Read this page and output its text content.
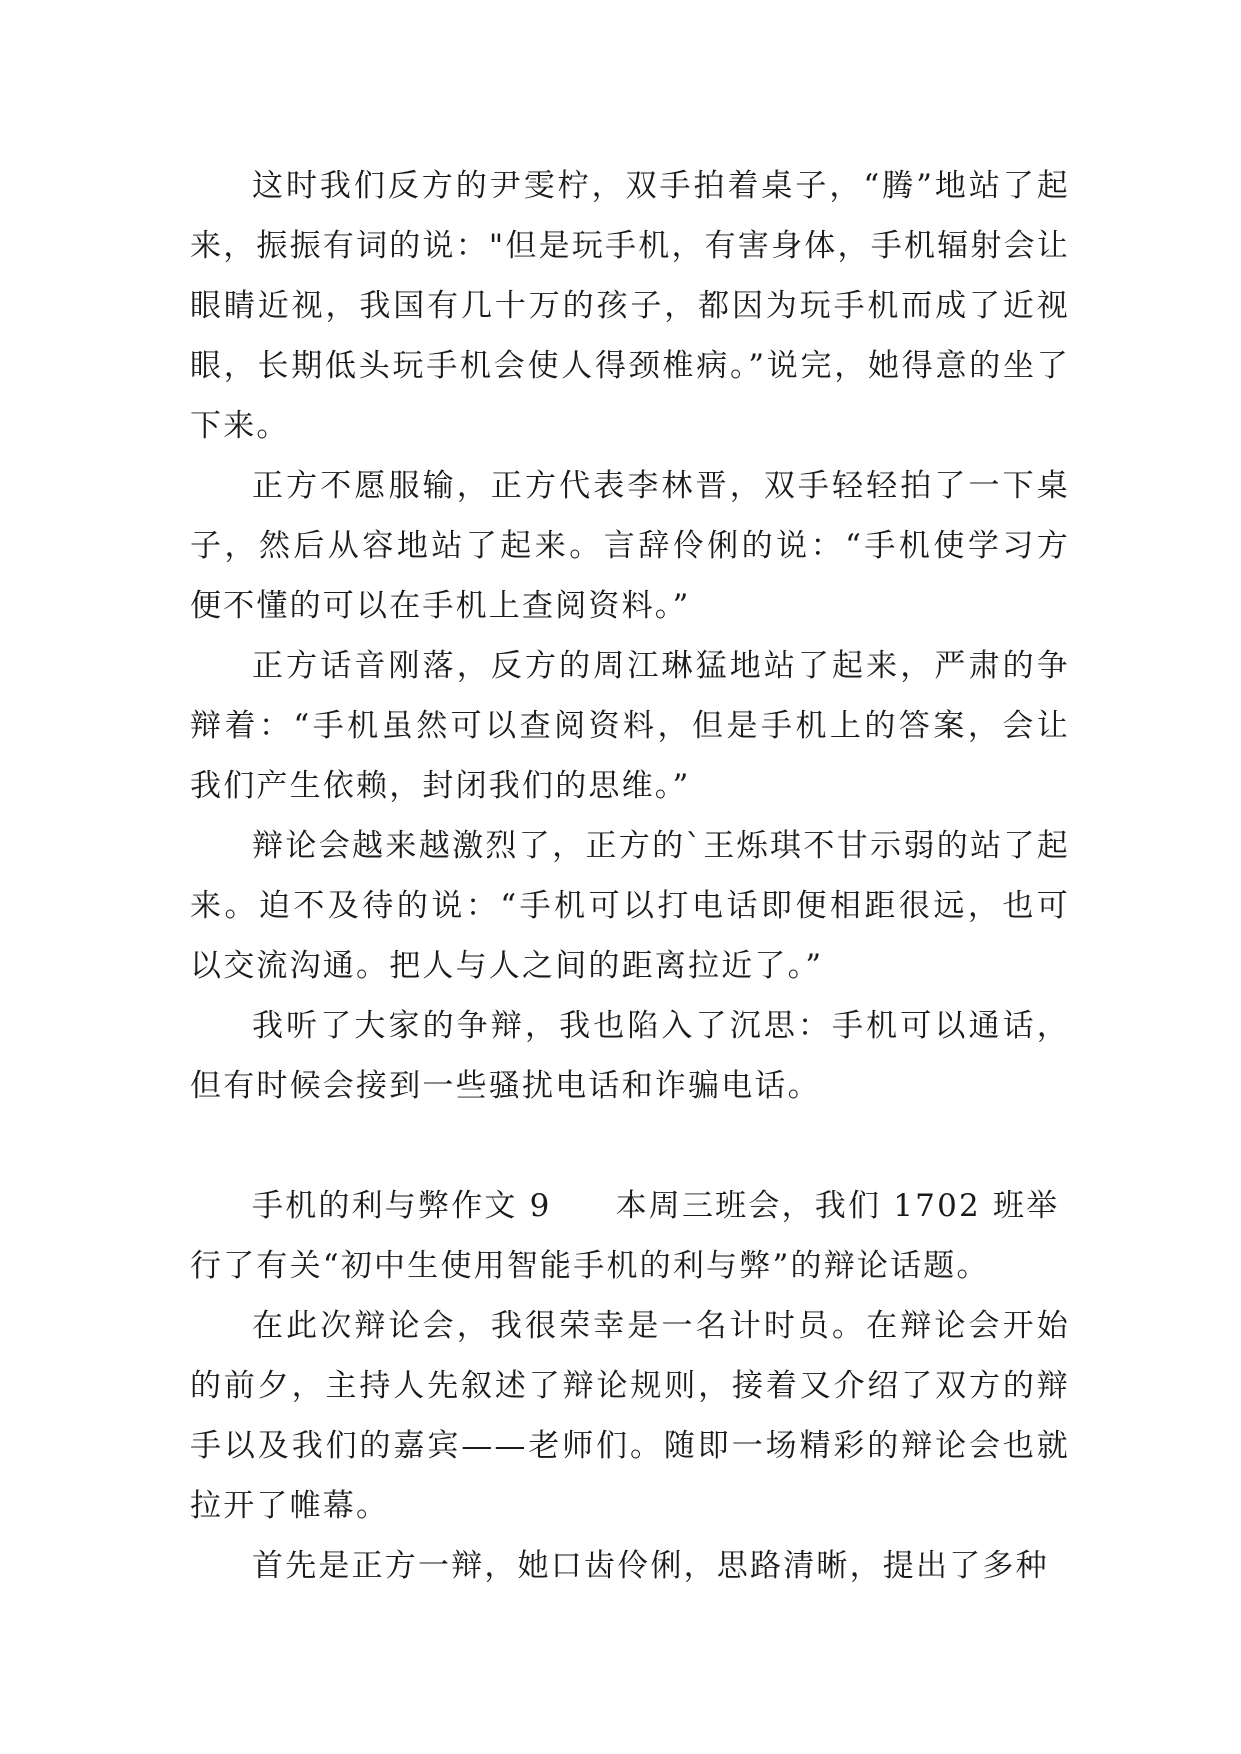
这时我们反方的尹雯柠，双手拍着桌子，“腾”地站了起来，振振有词的说："但是玩手机，有害身体，手机辐射会让眼睛近视，我国有几十万的孩子，都因为玩手机而成了近视眼，长期低头玩手机会使人得颈椎病。”说完，她得意的坐了下来。

正方不愿服输，正方代表李林晋，双手轻轻拍了一下桌子，然后从容地站了起来。言辞伶俐的说：“手机使学习方便不懂的可以在手机上查阅资料。”

正方话音刚落，反方的周江琳猛地站了起来，严肃的争辩着：“手机虽然可以查阅资料，但是手机上的答案，会让我们产生依赖，封闭我们的思维。”

辩论会越来越激烈了，正方的`王烁琪不甘示弱的站了起来。迫不及待的说：“手机可以打电话即便相距很远，也可以交流沟通。把人与人之间的距离拉近了。”

我听了大家的争辩，我也陷入了沉思：手机可以通话，但有时候会接到一些骚扰电话和诈骗电话。

手机的利与弊作文 9 本周三班会，我们 1702 班举行了有关“初中生使用智能手机的利与弊”的辩论话题。

在此次辩论会，我很荣幸是一名计时员。在辩论会开始的前夕，主持人先叙述了辩论规则，接着又介绍了双方的辩手以及我们的嘉宾——老师们。随即一场精彩的辩论会也就拉开了帷幕。

首先是正方一辩，她口齿伶俐，思路清晰，提出了多种
